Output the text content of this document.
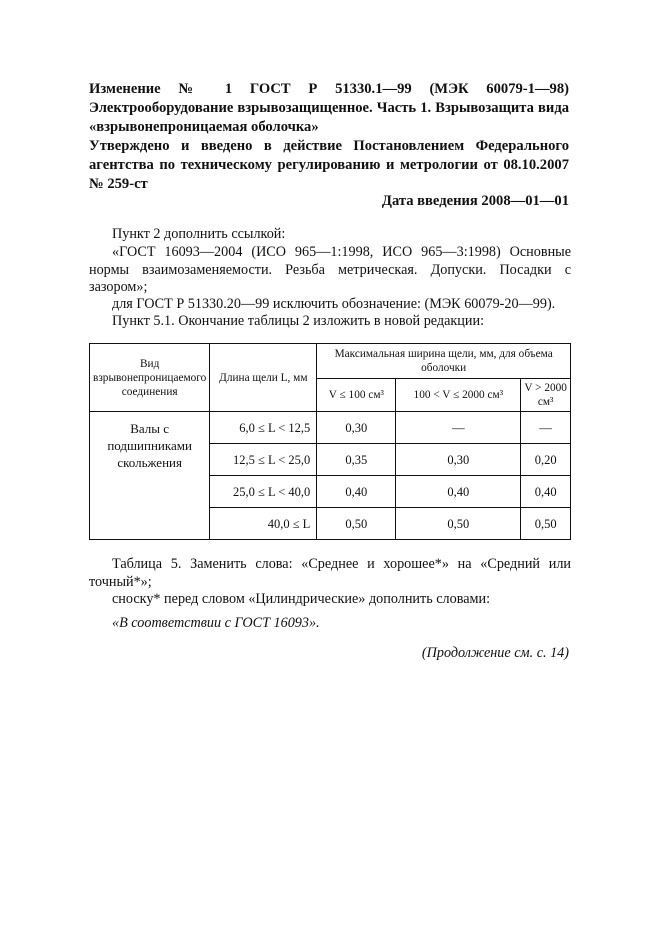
Изменение № 1 ГОСТ Р 51330.1—99 (МЭК 60079-1—98) Электрооборудование взрывозащищенное. Часть 1. Взрывозащита вида «взрывонепроницаемая оболочка»
Утверждено и введено в действие Постановлением Федерального агентства по техническому регулированию и метрологии от 08.10.2007 № 259-ст
Дата введения 2008—01—01
Пункт 2 дополнить ссылкой:
«ГОСТ 16093—2004 (ИСО 965—1:1998, ИСО 965—3:1998) Основные нормы взаимозаменяемости. Резьба метрическая. Допуски. Посадки с зазором»;
для ГОСТ Р 51330.20—99 исключить обозначение: (МЭК 60079-20—99).
Пункт 5.1. Окончание таблицы 2 изложить в новой редакции:
Вид взрывонепроницаемого соединения	Длина щели L, мм	Максимальная ширина щели, мм, для объема оболочки		
		V ≤ 100 см³	100 < V ≤ 2000 см³	V > 2000 см³
Валы с подшипниками скольжения	6,0 ≤ L < 12,5	0,30	—	—
	12,5 ≤ L < 25,0	0,35	0,30	0,20
	25,0 ≤ L < 40,0	0,40	0,40	0,40
	40,0 ≤ L	0,50	0,50	0,50
Таблица 5. Заменить слова: «Среднее и хорошее*» на «Средний или точный*»;
сноску* перед словом «Цилиндрические» дополнить словами:
«В соответствии с ГОСТ 16093».
(Продолжение см. с. 14)
